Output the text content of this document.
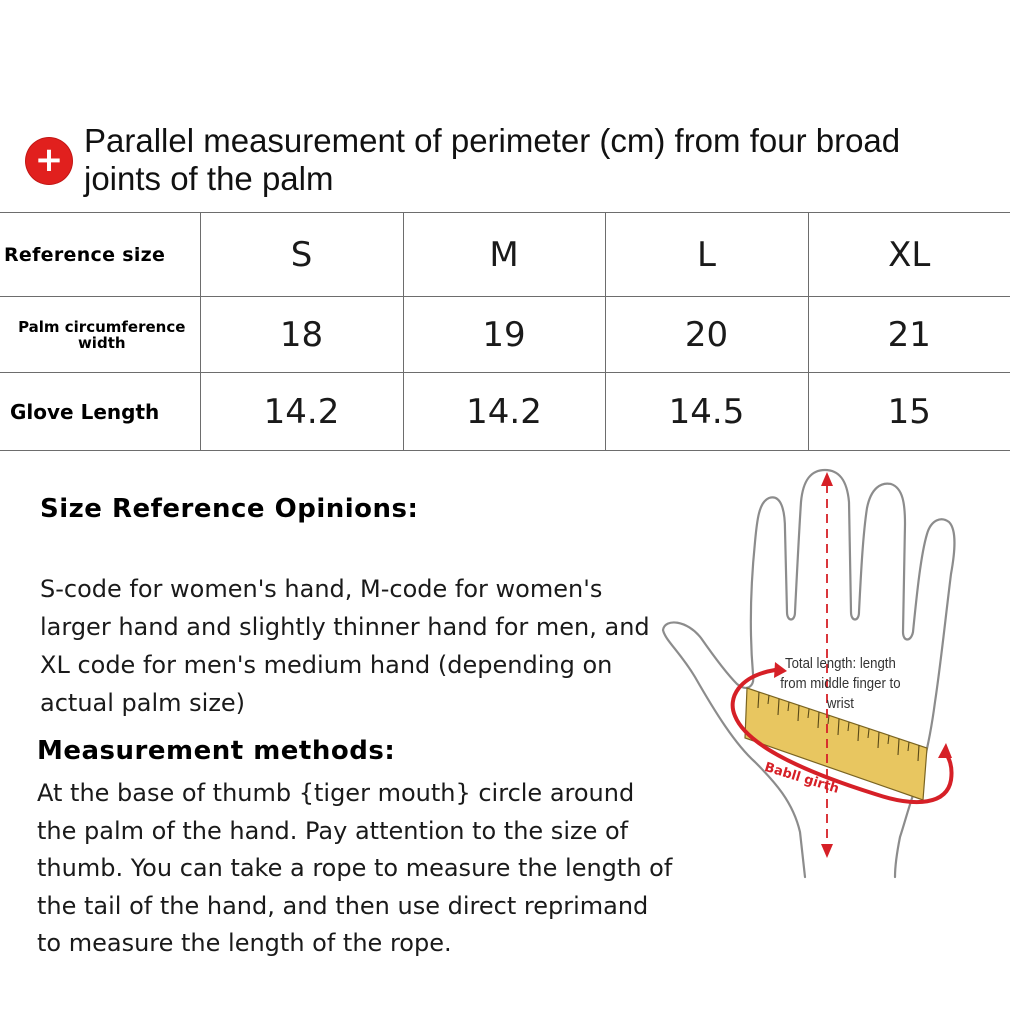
+ Parallel measurement of perimeter (cm) from four broad joints of the palm
Reference size	S	M	L	XL
Palm circumference width	18	19	20	21
Glove Length	14.2	14.2	14.5	15
Size Reference Opinions:
S-code for women's hand, M-code for women's larger hand and slightly thinner hand for men, and XL code for men's medium hand (depending on actual palm size)
Measurement methods:
At the base of thumb {tiger mouth} circle around the palm of the hand. Pay attention to the size of thumb. You can take a rope to measure the length of the tail of the hand, and then use direct reprimand to measure the length of the rope.
Total length: length from middle finger to wrist
Babll girth
